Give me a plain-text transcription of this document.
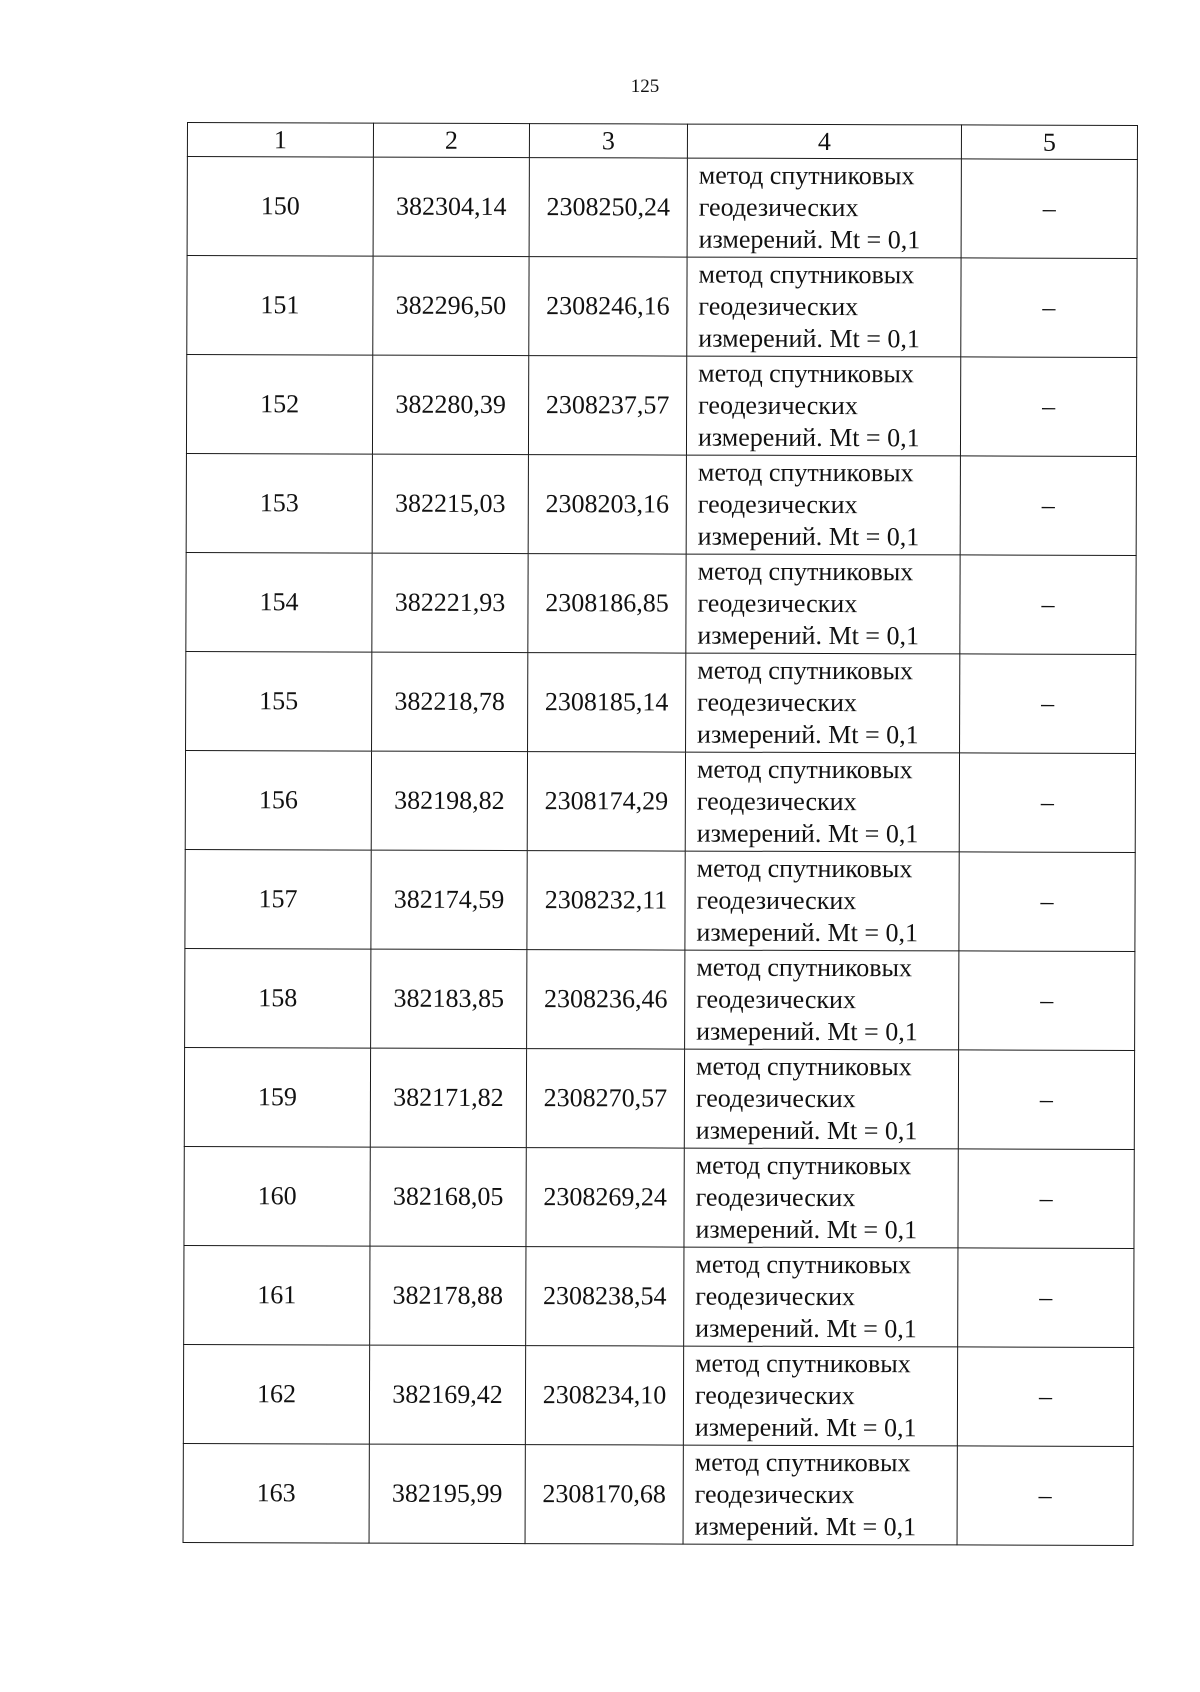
125
1	2	3	4	5
150	382304,14	2308250,24	метод спутниковых
геодезических
измерений. Mt = 0,1	–
151	382296,50	2308246,16	метод спутниковых
геодезических
измерений. Mt = 0,1	–
152	382280,39	2308237,57	метод спутниковых
геодезических
измерений. Mt = 0,1	–
153	382215,03	2308203,16	метод спутниковых
геодезических
измерений. Mt = 0,1	–
154	382221,93	2308186,85	метод спутниковых
геодезических
измерений. Mt = 0,1	–
155	382218,78	2308185,14	метод спутниковых
геодезических
измерений. Mt = 0,1	–
156	382198,82	2308174,29	метод спутниковых
геодезических
измерений. Mt = 0,1	–
157	382174,59	2308232,11	метод спутниковых
геодезических
измерений. Mt = 0,1	–
158	382183,85	2308236,46	метод спутниковых
геодезических
измерений. Mt = 0,1	–
159	382171,82	2308270,57	метод спутниковых
геодезических
измерений. Mt = 0,1	–
160	382168,05	2308269,24	метод спутниковых
геодезических
измерений. Mt = 0,1	–
161	382178,88	2308238,54	метод спутниковых
геодезических
измерений. Mt = 0,1	–
162	382169,42	2308234,10	метод спутниковых
геодезических
измерений. Mt = 0,1	–
163	382195,99	2308170,68	метод спутниковых
геодезических
измерений. Mt = 0,1	–
